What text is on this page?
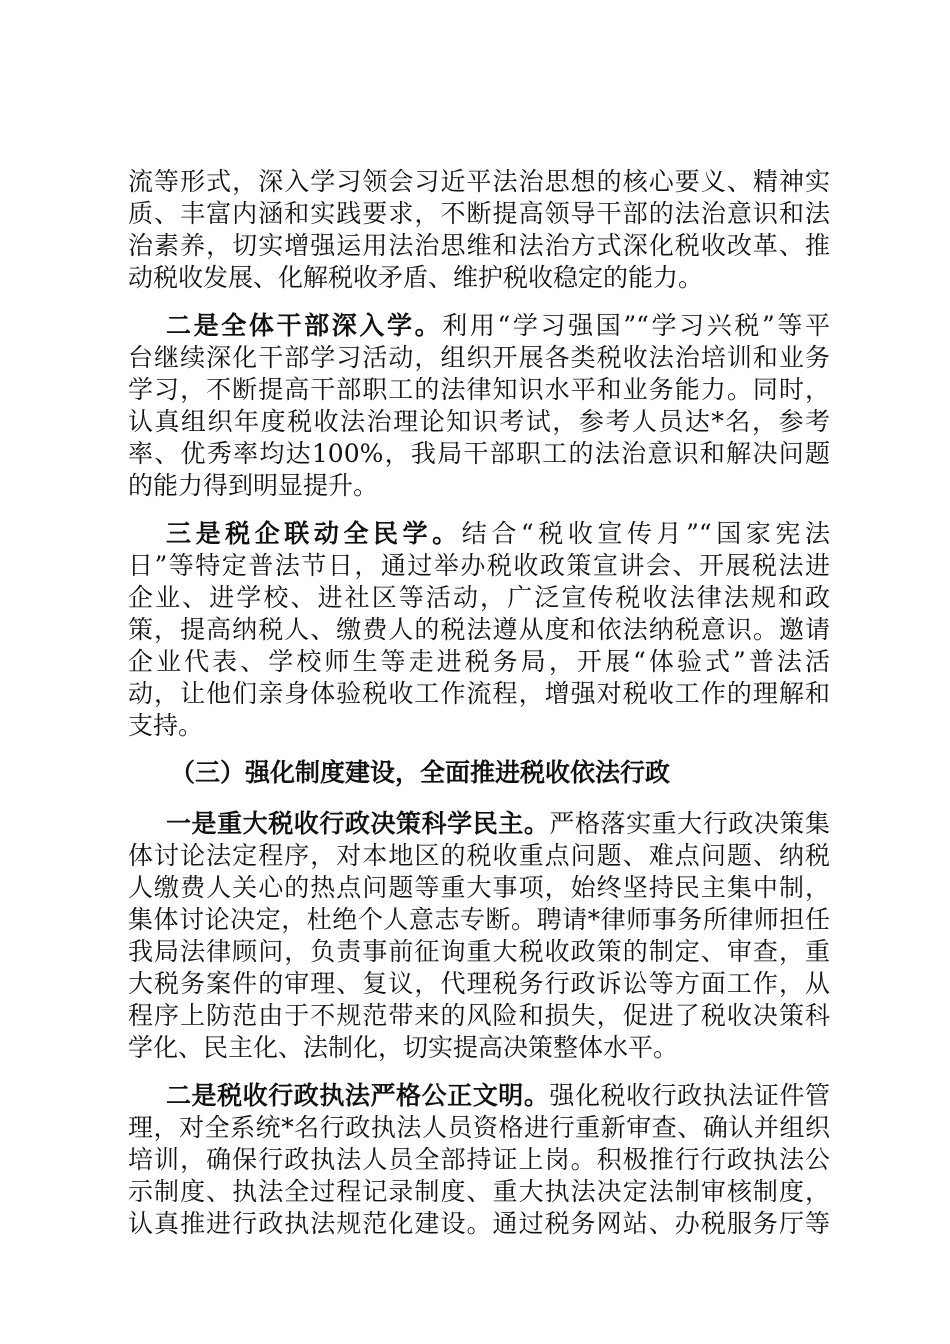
流等形式，深入学习领会习近平法治思想的核心要义、精神实
质、丰富内涵和实践要求，不断提高领导干部的法治意识和法
治素养，切实增强运用法治思维和法治方式深化税收改革、推
动税收发展、化解税收矛盾、维护税收稳定的能力。
二是全体干部深入学。利用“学习强国”“学习兴税”等平
台继续深化干部学习活动，组织开展各类税收法治培训和业务
学习，不断提高干部职工的法律知识水平和业务能力。同时，
认真组织年度税收法治理论知识考试，参考人员达*名，参考
率、优秀率均达100%，我局干部职工的法治意识和解决问题
的能力得到明显提升。
三是税企联动全民学。结合“税收宣传月”“国家宪法
日”等特定普法节日，通过举办税收政策宣讲会、开展税法进
企业、进学校、进社区等活动，广泛宣传税收法律法规和政
策，提高纳税人、缴费人的税法遵从度和依法纳税意识。邀请
企业代表、学校师生等走进税务局，开展“体验式”普法活
动，让他们亲身体验税收工作流程，增强对税收工作的理解和
支持。
（三）强化制度建设，全面推进税收依法行政
一是重大税收行政决策科学民主。严格落实重大行政决策集
体讨论法定程序，对本地区的税收重点问题、难点问题、纳税
人缴费人关心的热点问题等重大事项，始终坚持民主集中制，
集体讨论决定，杜绝个人意志专断。聘请*律师事务所律师担任
我局法律顾问，负责事前征询重大税收政策的制定、审查，重
大税务案件的审理、复议，代理税务行政诉讼等方面工作，从
程序上防范由于不规范带来的风险和损失，促进了税收决策科
学化、民主化、法制化，切实提高决策整体水平。
二是税收行政执法严格公正文明。强化税收行政执法证件管
理，对全系统*名行政执法人员资格进行重新审查、确认并组织
培训，确保行政执法人员全部持证上岗。积极推行行政执法公
示制度、执法全过程记录制度、重大执法决定法制审核制度，
认真推进行政执法规范化建设。通过税务网站、办税服务厅等
